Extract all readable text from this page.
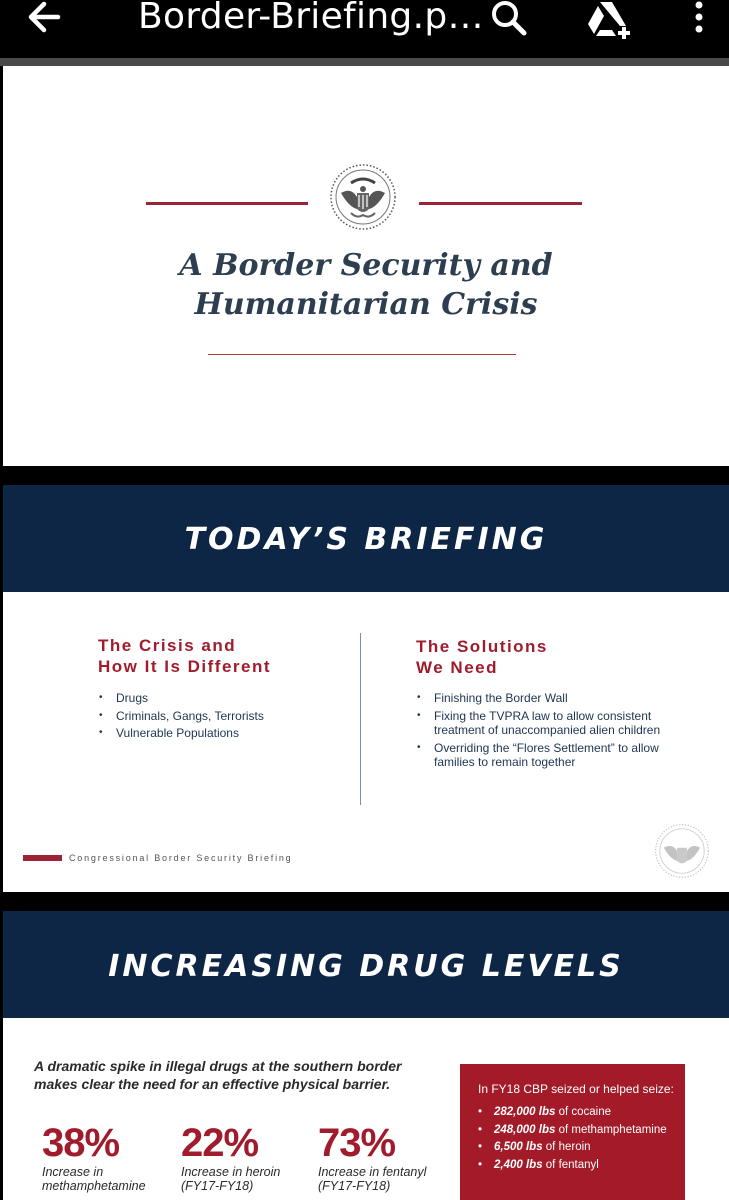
Border-Briefing.p…
A Border Security and
Humanitarian Crisis
TODAY’S BRIEFING
The Crisis and
How It Is Different
• Drugs
• Criminals, Gangs, Terrorists
• Vulnerable Populations
The Solutions
We Need
• Finishing the Border Wall
• Fixing the TVPRA law to allow consistent treatment of unaccompanied alien children
• Overriding the “Flores Settlement” to allow families to remain together
Congressional Border Security Briefing
INCREASING DRUG LEVELS
A dramatic spike in illegal drugs at the southern border
makes clear the need for an effective physical barrier.
38%
Increase in
methamphetamine
22%
Increase in heroin
(FY17-FY18)
73%
Increase in fentanyl
(FY17-FY18)
In FY18 CBP seized or helped seize:
• 282,000 lbs of cocaine
• 248,000 lbs of methamphetamine
• 6,500 lbs of heroin
• 2,400 lbs of fentanyl
